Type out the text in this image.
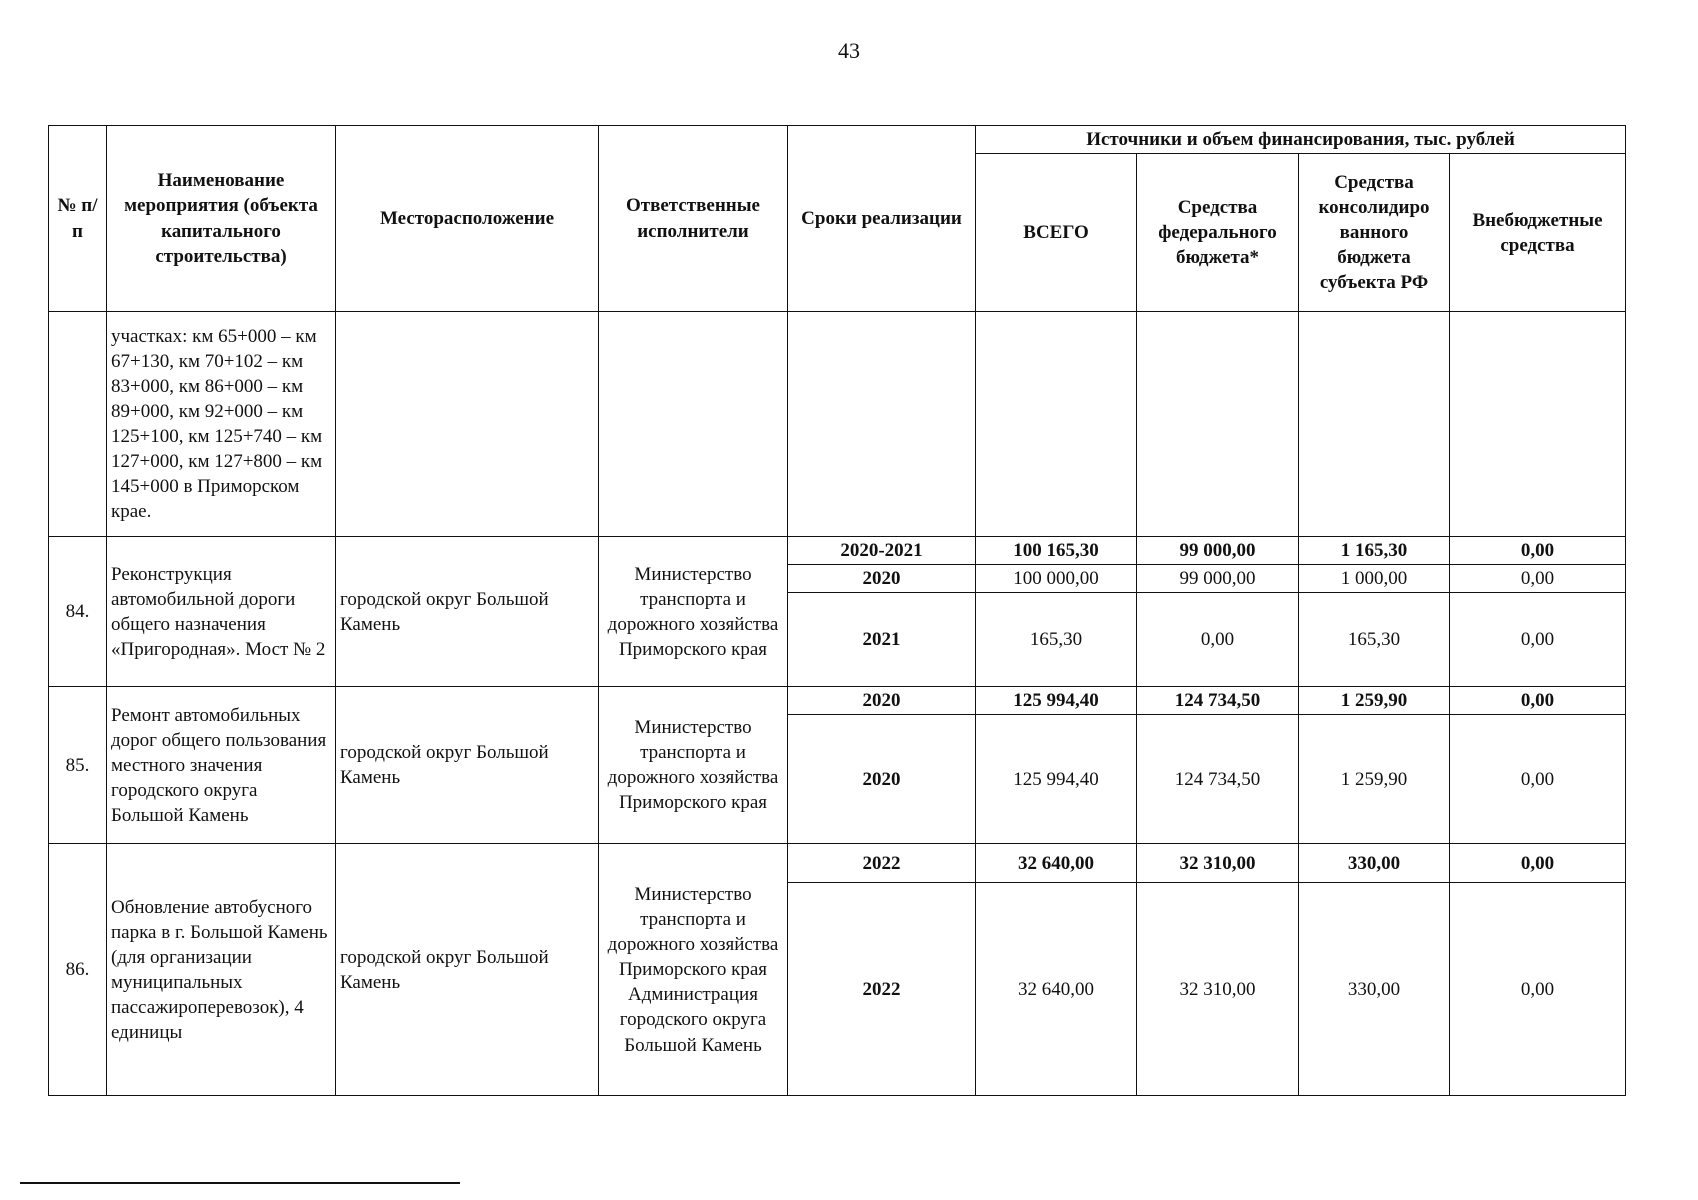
43
№ п/п	Наименование мероприятия (объекта капитального строительства)	Месторасположение	Ответственные исполнители	Сроки реализации	Источники и объем финансирования, тыс. рублей			
					ВСЕГО	Средства федерального бюджета*	Средства консолидиро ванного бюджета субъекта РФ	Внебюджетные средства
	участках: км 65+000 – км 67+130, км 70+102 – км 83+000, км 86+000 – км 89+000, км 92+000 – км 125+100, км 125+740 – км 127+000, км 127+800 – км 145+000 в Приморском крае.							
84.	Реконструкция автомобильной дороги общего назначения «Пригородная». Мост № 2	городской округ Большой Камень	Министерство транспорта и дорожного хозяйства Приморского края	2020-2021	100 165,30	99 000,00	1 165,30	0,00
				2020	100 000,00	99 000,00	1 000,00	0,00
				2021	165,30	0,00	165,30	0,00
85.	Ремонт автомобильных дорог общего пользования местного значения городского округа Большой Камень	городской округ Большой Камень	Министерство транспорта и дорожного хозяйства Приморского края	2020	125 994,40	124 734,50	1 259,90	0,00
				2020	125 994,40	124 734,50	1 259,90	0,00
86.	Обновление автобусного парка в г. Большой Камень (для организации муниципальных пассажироперевозок), 4 единицы	городской округ Большой Камень	Министерство транспорта и дорожного хозяйства Приморского края Администрация городского округа Большой Камень	2022	32 640,00	32 310,00	330,00	0,00
				2022	32 640,00	32 310,00	330,00	0,00
